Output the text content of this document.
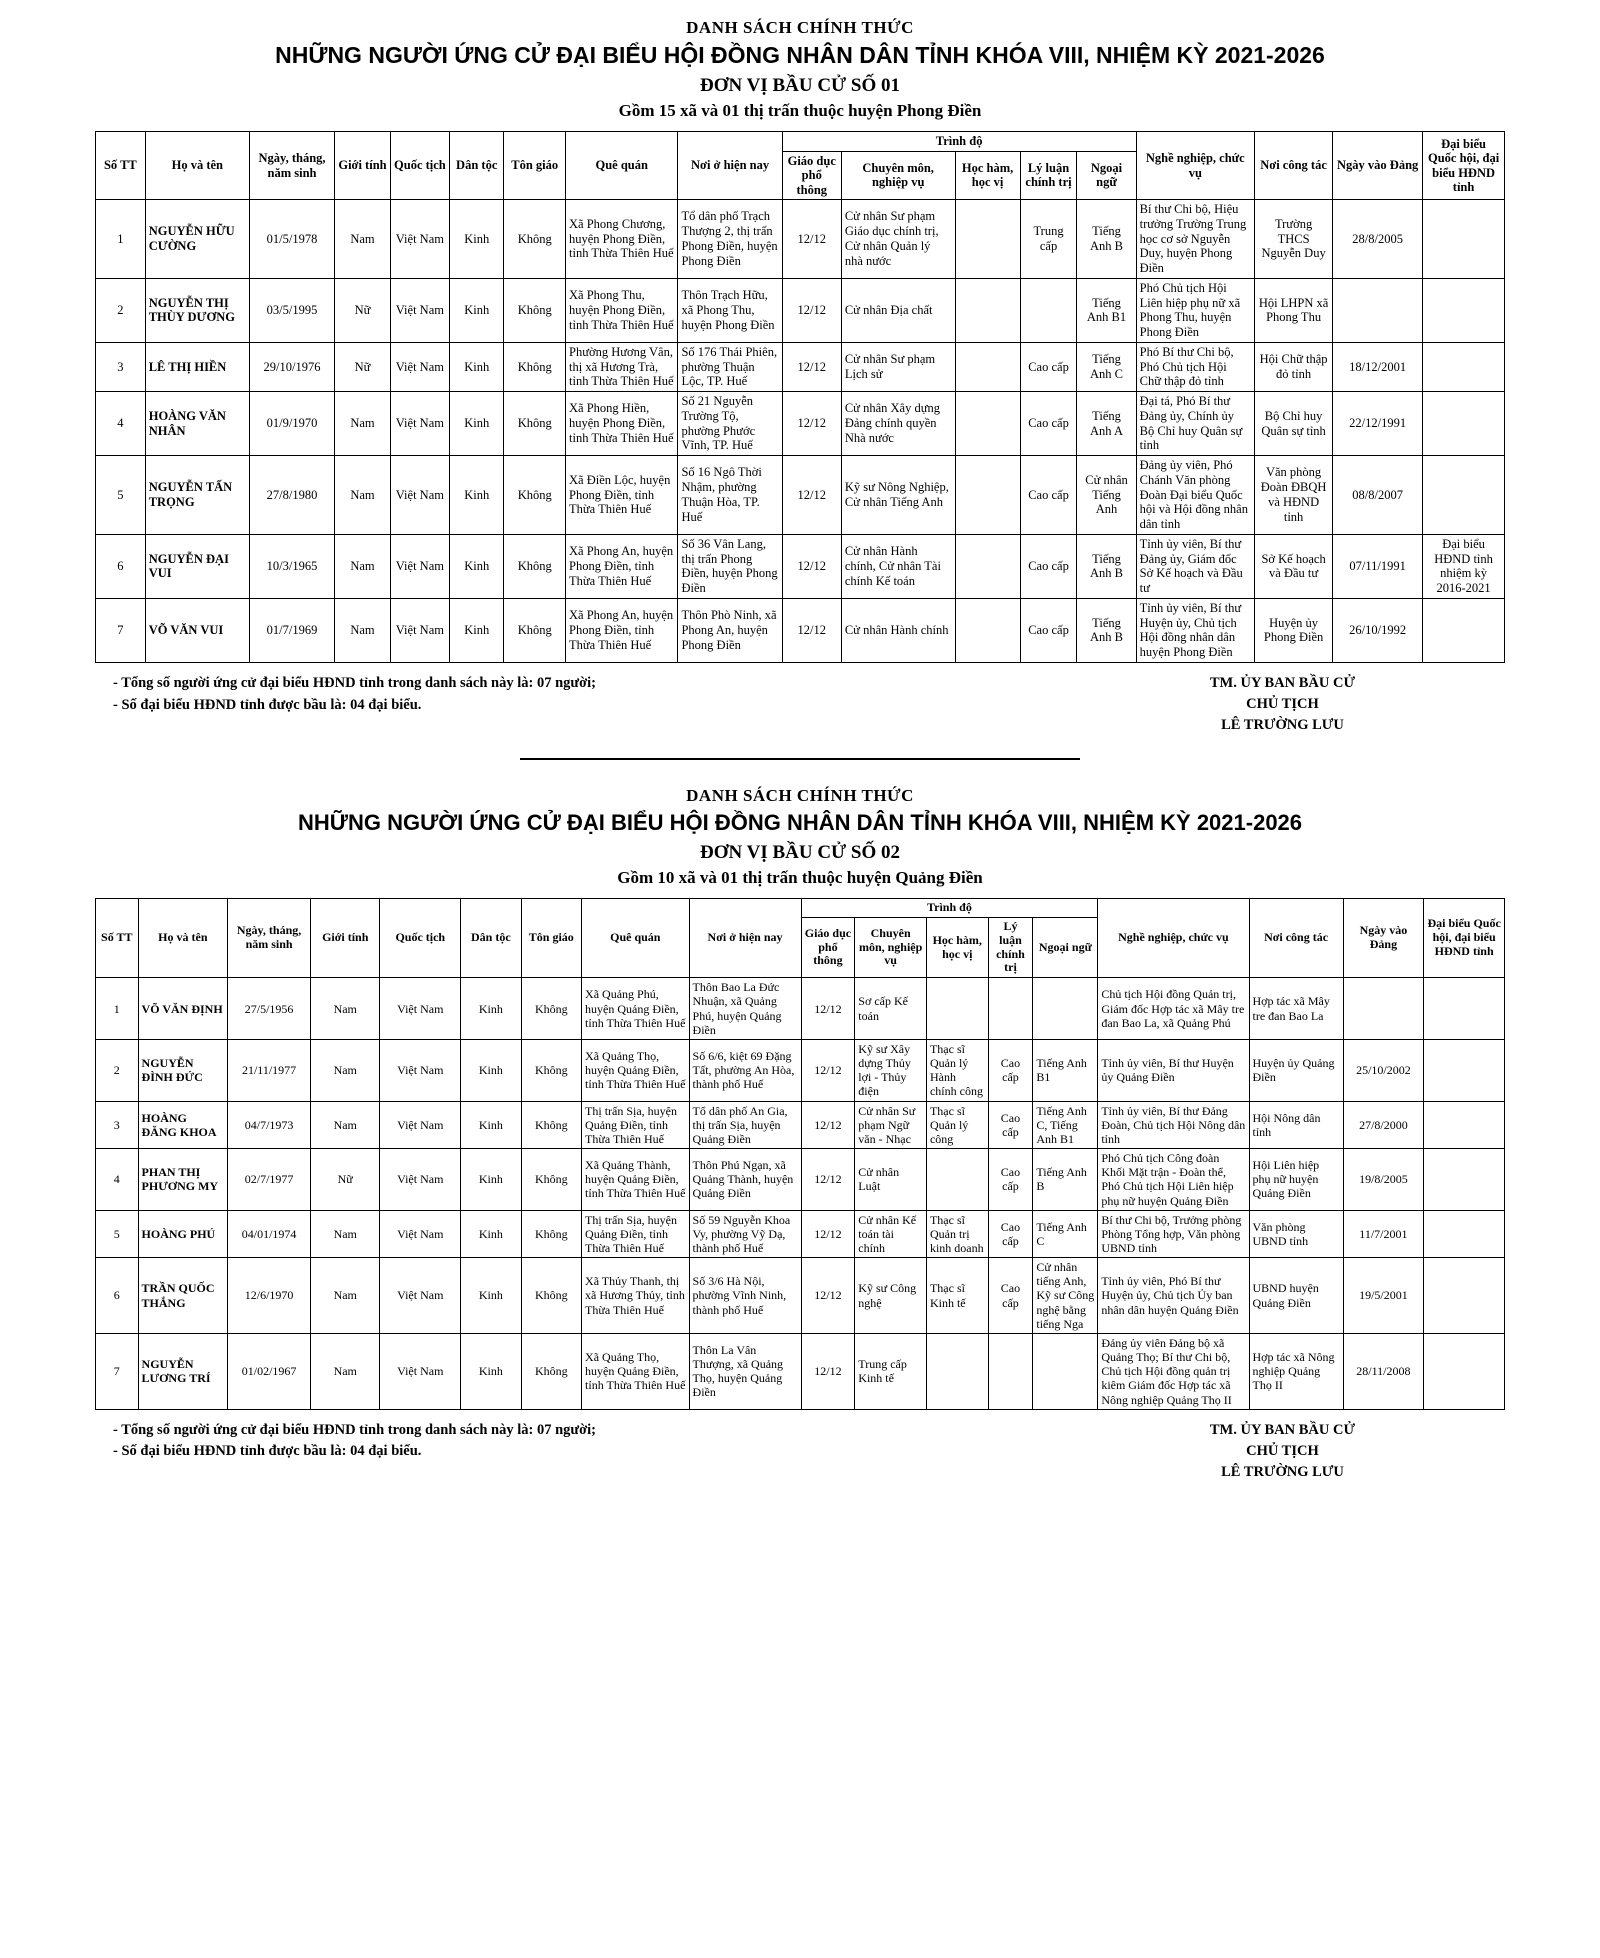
DANH SÁCH CHÍNH THỨC
NHỮNG NGƯỜI ỨNG CỬ ĐẠI BIỂU HỘI ĐỒNG NHÂN DÂN TỈNH KHÓA VIII, NHIỆM KỲ 2021-2026
ĐƠN VỊ BẦU CỬ SỐ 01
Gồm 15 xã và 01 thị trấn thuộc huyện Phong Điền
Số TT	Họ và tên	Ngày, tháng, năm sinh	Giới tính	Quốc tịch	Dân tộc	Tôn giáo	Quê quán	Nơi ở hiện nay	Trình độ					Nghề nghiệp, chức vụ	Nơi công tác	Ngày vào Đảng	Đại biểu Quốc hội, đại biểu HĐND tỉnh
									Giáo dục phổ thông	Chuyên môn, nghiệp vụ	Học hàm, học vị	Lý luận chính trị	Ngoại ngữ				
1	NGUYỄN HỮU CƯỜNG	01/5/1978	Nam	Việt Nam	Kinh	Không	Xã Phong Chương, huyện Phong Điền, tỉnh Thừa Thiên Huế	Tổ dân phố Trạch Thượng 2, thị trấn Phong Điền, huyện Phong Điền	12/12	Cử nhân Sư phạm Giáo dục chính trị, Cử nhân Quản lý nhà nước		Trung cấp	Tiếng Anh B	Bí thư Chi bộ, Hiệu trưởng Trường Trung học cơ sở Nguyễn Duy, huyện Phong Điền	Trường THCS Nguyễn Duy	28/8/2005	
2	NGUYỄN THỊ THÙY DƯƠNG	03/5/1995	Nữ	Việt Nam	Kinh	Không	Xã Phong Thu, huyện Phong Điền, tỉnh Thừa Thiên Huế	Thôn Trạch Hữu, xã Phong Thu, huyện Phong Điền	12/12	Cử nhân Địa chất			Tiếng Anh B1	Phó Chủ tịch Hội Liên hiệp phụ nữ xã Phong Thu, huyện Phong Điền	Hội LHPN xã Phong Thu		
3	LÊ THỊ HIỀN	29/10/1976	Nữ	Việt Nam	Kinh	Không	Phường Hương Vân, thị xã Hương Trà, tỉnh Thừa Thiên Huế	Số 176 Thái Phiên, phường Thuận Lộc, TP. Huế	12/12	Cử nhân Sư phạm Lịch sử		Cao cấp	Tiếng Anh C	Phó Bí thư Chi bộ, Phó Chủ tịch Hội Chữ thập đỏ tỉnh	Hội Chữ thập đỏ tỉnh	18/12/2001	
4	HOÀNG VĂN NHÂN	01/9/1970	Nam	Việt Nam	Kinh	Không	Xã Phong Hiền, huyện Phong Điền, tỉnh Thừa Thiên Huế	Số 21 Nguyễn Trường Tộ, phường Phước Vĩnh, TP. Huế	12/12	Cử nhân Xây dựng Đảng chính quyền Nhà nước		Cao cấp	Tiếng Anh A	Đại tá, Phó Bí thư Đảng ủy, Chính ủy Bộ Chỉ huy Quân sự tỉnh	Bộ Chỉ huy Quân sự tỉnh	22/12/1991	
5	NGUYỄN TẤN TRỌNG	27/8/1980	Nam	Việt Nam	Kinh	Không	Xã Điền Lộc, huyện Phong Điền, tỉnh Thừa Thiên Huế	Số 16 Ngô Thời Nhậm, phường Thuận Hòa, TP. Huế	12/12	Kỹ sư Nông Nghiệp, Cử nhân Tiếng Anh		Cao cấp	Cử nhân Tiếng Anh	Đảng ủy viên, Phó Chánh Văn phòng Đoàn Đại biểu Quốc hội và Hội đồng nhân dân tỉnh	Văn phòng Đoàn ĐBQH và HĐND tỉnh	08/8/2007	
6	NGUYỄN ĐẠI VUI	10/3/1965	Nam	Việt Nam	Kinh	Không	Xã Phong An, huyện Phong Điền, tỉnh Thừa Thiên Huế	Số 36 Vân Lang, thị trấn Phong Điền, huyện Phong Điền	12/12	Cử nhân Hành chính, Cử nhân Tài chính Kế toán		Cao cấp	Tiếng Anh B	Tỉnh ủy viên, Bí thư Đảng ủy, Giám đốc Sở Kế hoạch và Đầu tư	Sở Kế hoạch và Đầu tư	07/11/1991	Đại biểu HĐND tỉnh nhiệm kỳ 2016-2021
7	VÕ VĂN VUI	01/7/1969	Nam	Việt Nam	Kinh	Không	Xã Phong An, huyện Phong Điền, tỉnh Thừa Thiên Huế	Thôn Phò Ninh, xã Phong An, huyện Phong Điền	12/12	Cử nhân Hành chính		Cao cấp	Tiếng Anh B	Tỉnh ủy viên, Bí thư Huyện ủy, Chủ tịch Hội đồng nhân dân huyện Phong Điền	Huyện ủy Phong Điền	26/10/1992	
- Tổng số người ứng cử đại biểu HĐND tỉnh trong danh sách này là: 07 người;
- Số đại biểu HĐND tỉnh được bầu là: 04 đại biểu.
TM. ỦY BAN BẦU CỬ
CHỦ TỊCH
LÊ TRƯỜNG LƯU
DANH SÁCH CHÍNH THỨC
NHỮNG NGƯỜI ỨNG CỬ ĐẠI BIỂU HỘI ĐỒNG NHÂN DÂN TỈNH KHÓA VIII, NHIỆM KỲ 2021-2026
ĐƠN VỊ BẦU CỬ SỐ 02
Gồm 10 xã và 01 thị trấn thuộc huyện Quảng Điền
Số TT	Họ và tên	Ngày, tháng, năm sinh	Giới tính	Quốc tịch	Dân tộc	Tôn giáo	Quê quán	Nơi ở hiện nay	Trình độ					Nghề nghiệp, chức vụ	Nơi công tác	Ngày vào Đảng	Đại biểu Quốc hội, đại biểu HĐND tỉnh
									Giáo dục phổ thông	Chuyên môn, nghiệp vụ	Học hàm, học vị	Lý luận chính trị	Ngoại ngữ				
1	VÕ VĂN ĐỊNH	27/5/1956	Nam	Việt Nam	Kinh	Không	Xã Quảng Phú, huyện Quảng Điền, tỉnh Thừa Thiên Huế	Thôn Bao La Đức Nhuận, xã Quảng Phú, huyện Quảng Điền	12/12	Sơ cấp Kế toán				Chủ tịch Hội đồng Quản trị, Giám đốc Hợp tác xã Mây tre đan Bao La, xã Quảng Phú	Hợp tác xã Mây tre đan Bao La		
2	NGUYỄN ĐÌNH ĐỨC	21/11/1977	Nam	Việt Nam	Kinh	Không	Xã Quảng Thọ, huyện Quảng Điền, tỉnh Thừa Thiên Huế	Số 6/6, kiệt 69 Đặng Tất, phường An Hòa, thành phố Huế	12/12	Kỹ sư Xây dựng Thủy lợi - Thủy điện	Thạc sĩ Quản lý Hành chính công	Cao cấp	Tiếng Anh B1	Tỉnh ủy viên, Bí thư Huyện ủy Quảng Điền	Huyện ủy Quảng Điền	25/10/2002	
3	HOÀNG ĐĂNG KHOA	04/7/1973	Nam	Việt Nam	Kinh	Không	Thị trấn Sịa, huyện Quảng Điền, tỉnh Thừa Thiên Huế	Tổ dân phố An Gia, thị trấn Sịa, huyện Quảng Điền	12/12	Cử nhân Sư phạm Ngữ văn - Nhạc	Thạc sĩ Quản lý công	Cao cấp	Tiếng Anh C, Tiếng Anh B1	Tỉnh ủy viên, Bí thư Đảng Đoàn, Chủ tịch Hội Nông dân tỉnh	Hội Nông dân tỉnh	27/8/2000	
4	PHAN THỊ PHƯƠNG MY	02/7/1977	Nữ	Việt Nam	Kinh	Không	Xã Quảng Thành, huyện Quảng Điền, tỉnh Thừa Thiên Huế	Thôn Phú Ngạn, xã Quảng Thành, huyện Quảng Điền	12/12	Cử nhân Luật		Cao cấp	Tiếng Anh B	Phó Chủ tịch Công đoàn Khối Mặt trận - Đoàn thể, Phó Chủ tịch Hội Liên hiệp phụ nữ huyện Quảng Điền	Hội Liên hiệp phụ nữ huyện Quảng Điền	19/8/2005	
5	HOÀNG PHÚ	04/01/1974	Nam	Việt Nam	Kinh	Không	Thị trấn Sịa, huyện Quảng Điền, tỉnh Thừa Thiên Huế	Số 59 Nguyễn Khoa Vy, phường Vỹ Dạ, thành phố Huế	12/12	Cử nhân Kế toán tài chính	Thạc sĩ Quản trị kinh doanh	Cao cấp	Tiếng Anh C	Bí thư Chi bộ, Trưởng phòng Phòng Tổng hợp, Văn phòng UBND tỉnh	Văn phòng UBND tỉnh	11/7/2001	
6	TRẦN QUỐC THẮNG	12/6/1970	Nam	Việt Nam	Kinh	Không	Xã Thủy Thanh, thị xã Hương Thủy, tỉnh Thừa Thiên Huế	Số 3/6 Hà Nội, phường Vĩnh Ninh, thành phố Huế	12/12	Kỹ sư Công nghệ	Thạc sĩ Kinh tế	Cao cấp	Cử nhân tiếng Anh, Kỹ sư Công nghệ bằng tiếng Nga	Tỉnh ủy viên, Phó Bí thư Huyện ủy, Chủ tịch Ủy ban nhân dân huyện Quảng Điền	UBND huyện Quảng Điền	19/5/2001	
7	NGUYỄN LƯƠNG TRÍ	01/02/1967	Nam	Việt Nam	Kinh	Không	Xã Quảng Thọ, huyện Quảng Điền, tỉnh Thừa Thiên Huế	Thôn La Vân Thượng, xã Quảng Thọ, huyện Quảng Điền	12/12	Trung cấp Kinh tế				Đảng ủy viên Đảng bộ xã Quảng Thọ; Bí thư Chi bộ, Chủ tịch Hội đồng quản trị kiêm Giám đốc Hợp tác xã Nông nghiệp Quảng Thọ II	Hợp tác xã Nông nghiệp Quảng Thọ II	28/11/2008	
- Tổng số người ứng cử đại biểu HĐND tỉnh trong danh sách này là: 07 người;
- Số đại biểu HĐND tỉnh được bầu là: 04 đại biểu.
TM. ỦY BAN BẦU CỬ
CHỦ TỊCH
LÊ TRƯỜNG LƯU
